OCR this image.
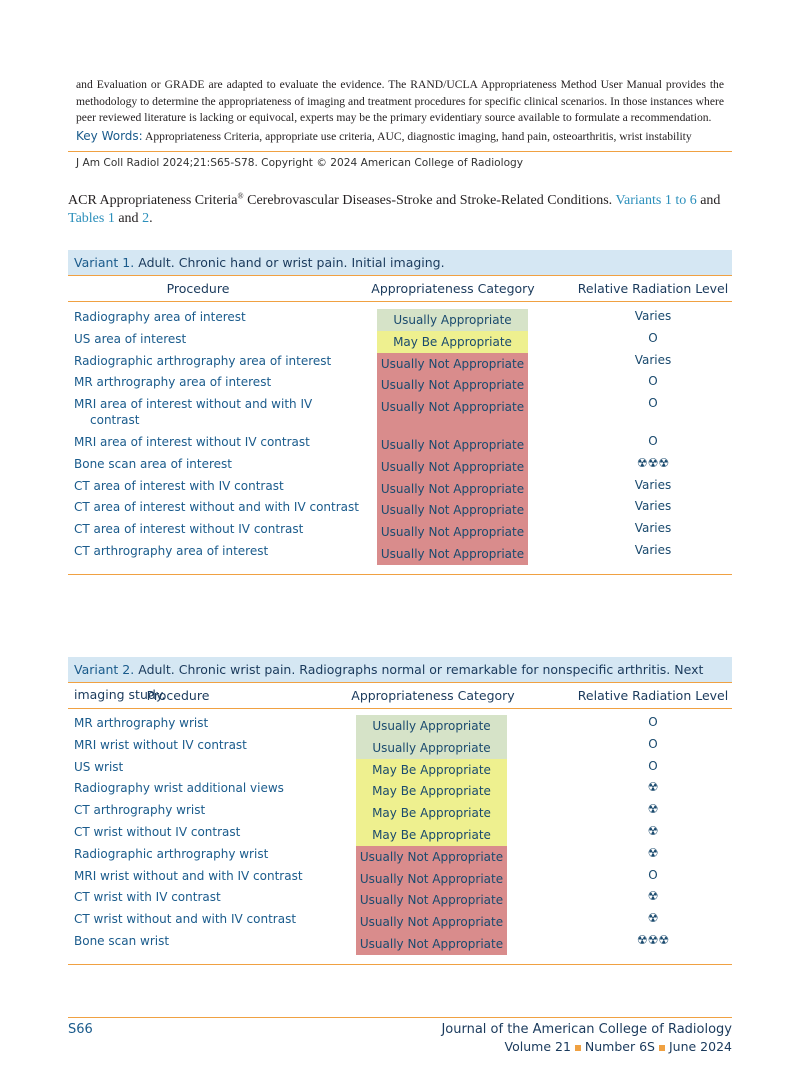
and Evaluation or GRADE are adapted to evaluate the evidence. The RAND/UCLA Appropriateness Method User Manual provides the methodology to determine the appropriateness of imaging and treatment procedures for specific clinical scenarios. In those instances where peer reviewed literature is lacking or equivocal, experts may be the primary evidentiary source available to formulate a recommendation.
Key Words: Appropriateness Criteria, appropriate use criteria, AUC, diagnostic imaging, hand pain, osteoarthritis, wrist instability
J Am Coll Radiol 2024;21:S65-S78. Copyright © 2024 American College of Radiology
ACR Appropriateness Criteria® Cerebrovascular Diseases-Stroke and Stroke-Related Conditions. Variants 1 to 6 and
Tables 1 and 2.
Variant 1. Adult. Chronic hand or wrist pain. Initial imaging.
Procedure	Appropriateness Category	Relative Radiation Level
Radiography area of interest	Usually Appropriate	Varies
US area of interest	May Be Appropriate	O
Radiographic arthrography area of interest	Usually Not Appropriate	Varies
MR arthrography area of interest	Usually Not Appropriate	O
MRI area of interest without and with IV
contrast
Usually Not Appropriate	O
MRI area of interest without IV contrast	Usually Not Appropriate	O
Bone scan area of interest	Usually Not Appropriate	☢☢☢
CT area of interest with IV contrast	Usually Not Appropriate	Varies
CT area of interest without and with IV contrast	Usually Not Appropriate	Varies
CT area of interest without IV contrast	Usually Not Appropriate	Varies
CT arthrography area of interest	Usually Not Appropriate	Varies
Variant 2. Adult. Chronic wrist pain. Radiographs normal or remarkable for nonspecific arthritis. Next imaging study.
Procedure	Appropriateness Category	Relative Radiation Level
MR arthrography wrist	Usually Appropriate	O
MRI wrist without IV contrast	Usually Appropriate	O
US wrist	May Be Appropriate	O
Radiography wrist additional views	May Be Appropriate	☢
CT arthrography wrist	May Be Appropriate	☢
CT wrist without IV contrast	May Be Appropriate	☢
Radiographic arthrography wrist	Usually Not Appropriate	☢
MRI wrist without and with IV contrast	Usually Not Appropriate	O
CT wrist with IV contrast	Usually Not Appropriate	☢
CT wrist without and with IV contrast	Usually Not Appropriate	☢
Bone scan wrist	Usually Not Appropriate	☢☢☢
S66	Journal of the American College of Radiology
Volume 21 Number 6S June 2024
